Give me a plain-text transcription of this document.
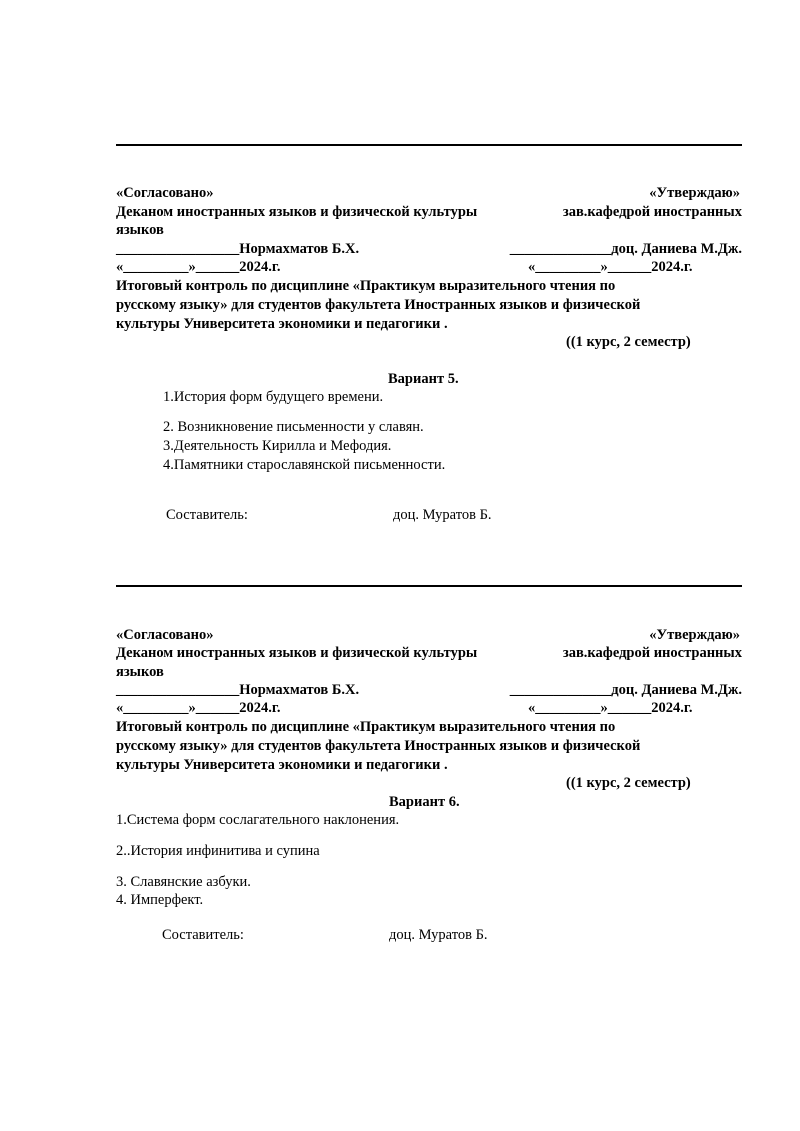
«Согласовано»	«Утверждаю»
Деканом иностранных языков и физической культуры	зав.кафедрой иностранных
языков
_________________Нормахматов Б.Х.	______________доц. Даниева М.Дж.
«_________»______2024.г.	«_________»______2024.г.
Итоговый контроль по дисциплине «Практикум выразительного чтения по
русскому языку» для студентов факультета Иностранных языков и физической
культуры Университета экономики и педагогики .
((1 курс, 2 семестр)
Вариант 5.
1.История форм будущего времени.
2. Возникновение письменности у славян.
3.Деятельность Кирилла и Мефодия.
4.Памятники старославянской письменности.
Составитель:	доц. Муратов Б.
«Согласовано»	«Утверждаю»
Деканом иностранных языков и физической культуры	зав.кафедрой иностранных
языков
_________________Нормахматов Б.Х.	______________доц. Даниева М.Дж.
«_________»______2024.г.	«_________»______2024.г.
Итоговый контроль по дисциплине «Практикум выразительного чтения по
русскому языку» для студентов факультета Иностранных языков и физической
культуры Университета экономики и педагогики .
((1 курс, 2 семестр)
Вариант 6.
1.Система форм сослагательного наклонения.
2..История инфинитива и супина
3. Славянские азбуки.
4. Имперфект.
Составитель:	доц. Муратов Б.
